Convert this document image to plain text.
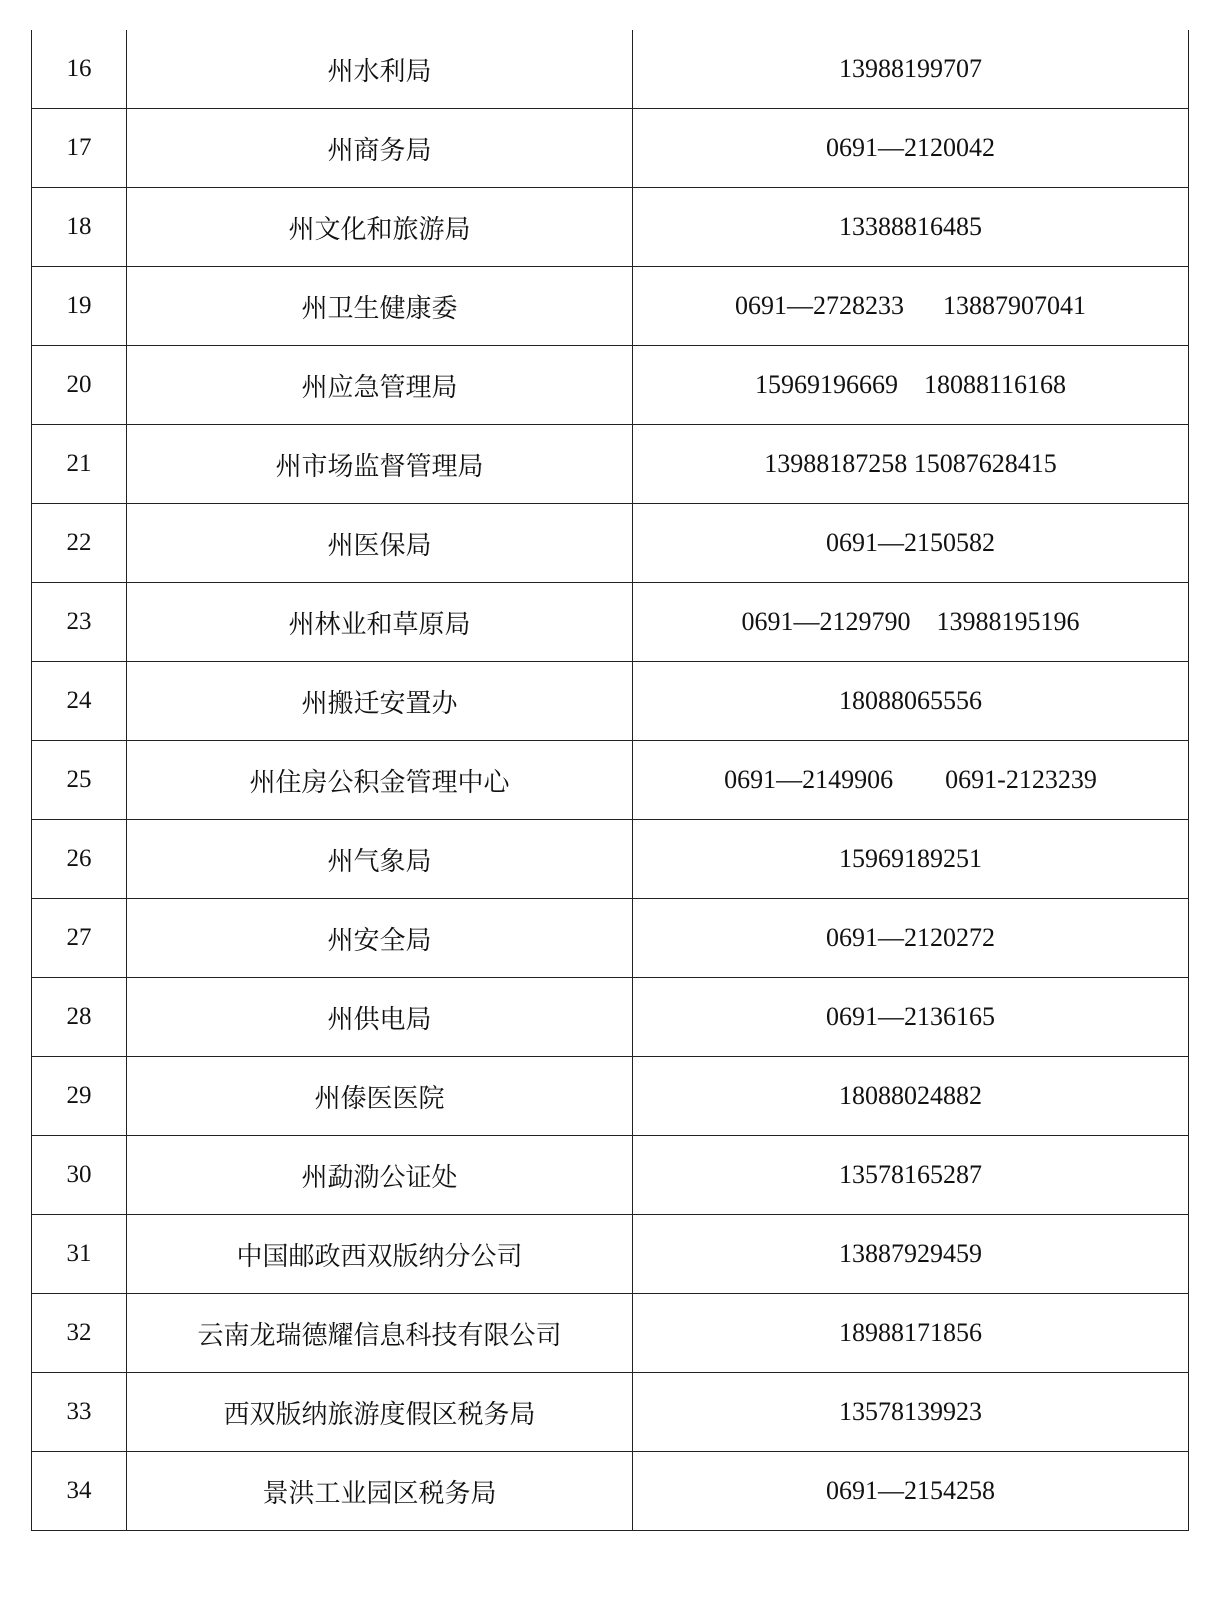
16	州水利局	13988199707
17	州商务局	0691—2120042
18	州文化和旅游局	13388816485
19	州卫生健康委	0691—2728233      13887907041
20	州应急管理局	15969196669    18088116168
21	州市场监督管理局	13988187258 15087628415
22	州医保局	0691—2150582
23	州林业和草原局	0691—2129790    13988195196
24	州搬迁安置办	18088065556
25	州住房公积金管理中心	0691—2149906        0691-2123239
26	州气象局	15969189251
27	州安全局	0691—2120272
28	州供电局	0691—2136165
29	州傣医医院	18088024882
30	州勐泐公证处	13578165287
31	中国邮政西双版纳分公司	13887929459
32	云南龙瑞德耀信息科技有限公司	18988171856
33	西双版纳旅游度假区税务局	13578139923
34	景洪工业园区税务局	0691—2154258
